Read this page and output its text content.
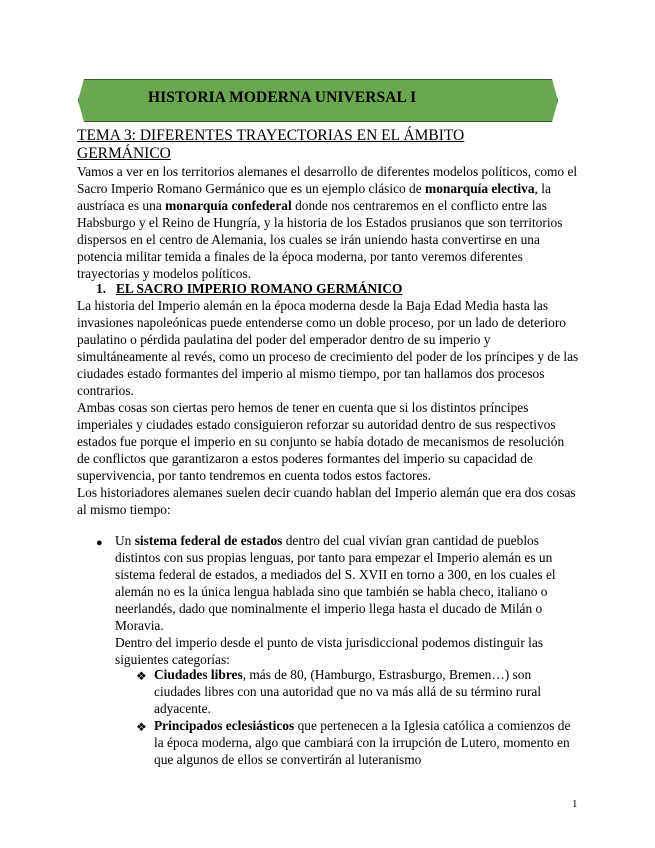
HISTORIA MODERNA UNIVERSAL I
TEMA 3: DIFERENTES TRAYECTORIAS EN EL ÁMBITO GERMÁNICO

Vamos a ver en los territorios alemanes el desarrollo de diferentes modelos políticos, como el Sacro Imperio Romano Germánico que es un ejemplo clásico de monarquía electiva, la austríaca es una monarquía confederal donde nos centraremos en el conflicto entre las Habsburgo y el Reino de Hungría, y la historia de los Estados prusianos que son territorios dispersos en el centro de Alemania, los cuales se irán uniendo hasta convertirse en una potencia militar temida a finales de la época moderna, por tanto veremos diferentes trayectorias y modelos políticos.

1. EL SACRO IMPERIO ROMANO GERMÁNICO

La historia del Imperio alemán en la época moderna desde la Baja Edad Media hasta las invasiones napoleónicas puede entenderse como un doble proceso, por un lado de deterioro paulatino o pérdida paulatina del poder del emperador dentro de su imperio y simultáneamente al revés, como un proceso de crecimiento del poder de los príncipes y de las ciudades estado formantes del imperio al mismo tiempo, por tan hallamos dos procesos contrarios.

Ambas cosas son ciertas pero hemos de tener en cuenta que si los distintos príncipes imperiales y ciudades estado consiguieron reforzar su autoridad dentro de sus respectivos estados fue porque el imperio en su conjunto se había dotado de mecanismos de resolución de conflictos que garantizaron a estos poderes formantes del imperio su capacidad de supervivencia, por tanto tendremos en cuenta todos estos factores.

Los historiadores alemanes suelen decir cuando hablan del Imperio alemán que era dos cosas al mismo tiempo:

● Un sistema federal de estados dentro del cual vivían gran cantidad de pueblos distintos con sus propias lenguas, por tanto para empezar el Imperio alemán es un sistema federal de estados, a mediados del S. XVII en torno a 300, en los cuales el alemán no es la única lengua hablada sino que también se habla checo, italiano o neerlandés, dado que nominalmente el imperio llega hasta el ducado de Milán o Moravia.

Dentro del imperio desde el punto de vista jurisdiccional podemos distinguir las siguientes categorías:

❖ Ciudades libres, más de 80, (Hamburgo, Estrasburgo, Bremen…) son ciudades libres con una autoridad que no va más allá de su término rural adyacente.

❖ Principados eclesiásticos que pertenecen a la Iglesia católica a comienzos de la época moderna, algo que cambiará con la irrupción de Lutero, momento en que algunos de ellos se convertirán al luteranismo

1
